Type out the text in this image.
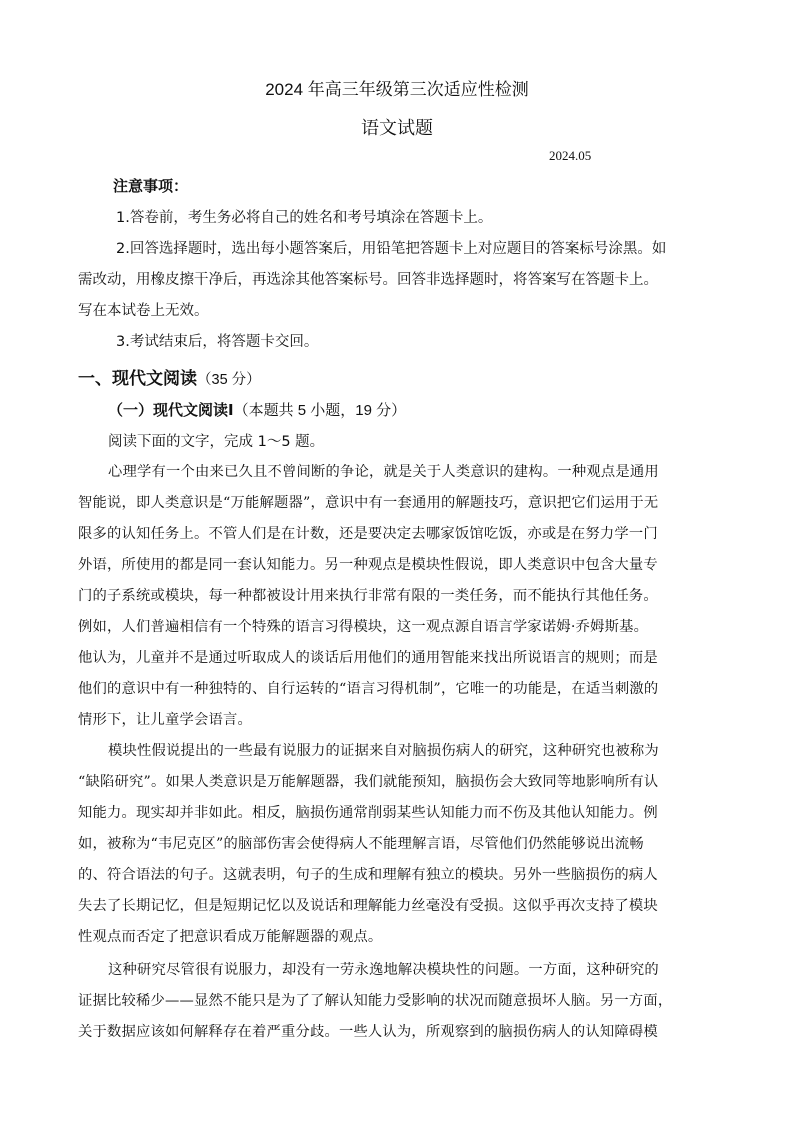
2024 年高三年级第三次适应性检测
语文试题
2024.05
注意事项：
1.答卷前，考生务必将自己的姓名和考号填涂在答题卡上。
2.回答选择题时，选出每小题答案后，用铅笔把答题卡上对应题目的答案标号涂黑。如
需改动，用橡皮擦干净后，再选涂其他答案标号。回答非选择题时，将答案写在答题卡上。
写在本试卷上无效。
3.考试结束后，将答题卡交回。
一、现代文阅读（35 分）
（一）现代文阅读Ⅰ（本题共 5 小题，19 分）
阅读下面的文字，完成 1～5 题。
心理学有一个由来已久且不曾间断的争论，就是关于人类意识的建构。一种观点是通用
智能说，即人类意识是“万能解题器”，意识中有一套通用的解题技巧，意识把它们运用于无
限多的认知任务上。不管人们是在计数，还是要决定去哪家饭馆吃饭，亦或是在努力学一门
外语，所使用的都是同一套认知能力。另一种观点是模块性假说，即人类意识中包含大量专
门的子系统或模块，每一种都被设计用来执行非常有限的一类任务，而不能执行其他任务。
例如，人们普遍相信有一个特殊的语言习得模块，这一观点源自语言学家诺姆·乔姆斯基。
他认为，儿童并不是通过听取成人的谈话后用他们的通用智能来找出所说语言的规则；而是
他们的意识中有一种独特的、自行运转的“语言习得机制”，它唯一的功能是，在适当刺激的
情形下，让儿童学会语言。
模块性假说提出的一些最有说服力的证据来自对脑损伤病人的研究，这种研究也被称为
“缺陷研究”。如果人类意识是万能解题器，我们就能预知，脑损伤会大致同等地影响所有认
知能力。现实却并非如此。相反，脑损伤通常削弱某些认知能力而不伤及其他认知能力。例
如，被称为“韦尼克区”的脑部伤害会使得病人不能理解言语，尽管他们仍然能够说出流畅
的、符合语法的句子。这就表明，句子的生成和理解有独立的模块。另外一些脑损伤的病人
失去了长期记忆，但是短期记忆以及说话和理解能力丝毫没有受损。这似乎再次支持了模块
性观点而否定了把意识看成万能解题器的观点。
这种研究尽管很有说服力，却没有一劳永逸地解决模块性的问题。一方面，这种研究的
证据比较稀少——显然不能只是为了了解认知能力受影响的状况而随意损坏人脑。另一方面，
关于数据应该如何解释存在着严重分歧。一些人认为，所观察到的脑损伤病人的认知障碍模
